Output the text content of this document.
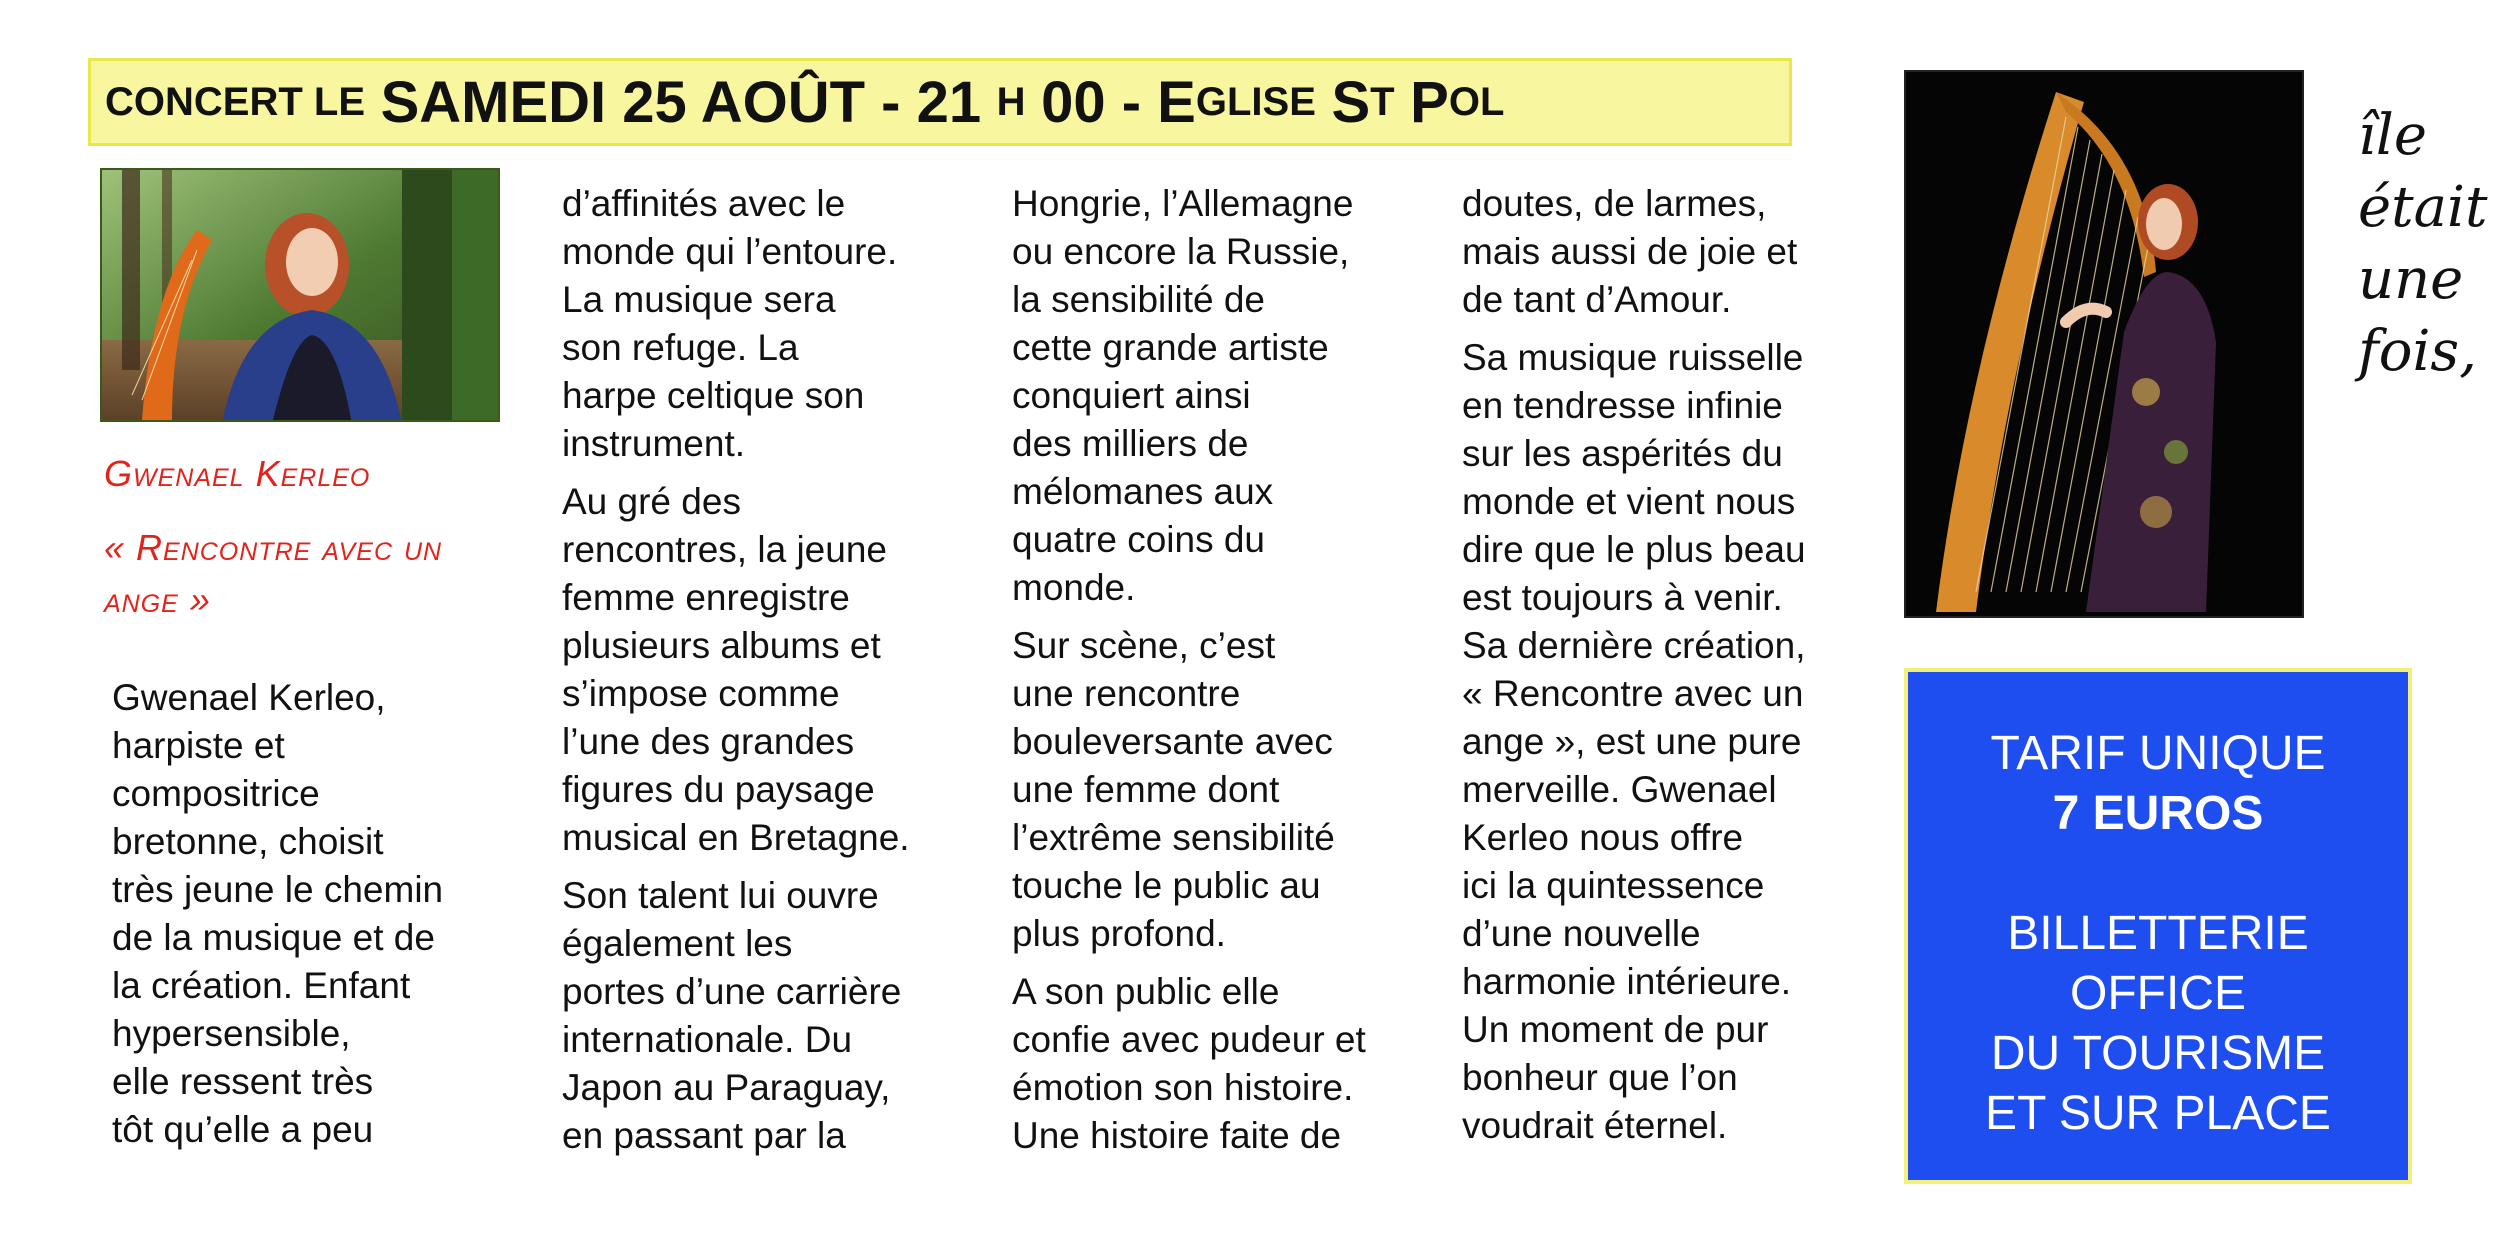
CONCERT LE
SAMEDI 25 AOÛT - 21
H
00 - E GLISE
S T
P OL
Gwenael Kerleo
« Rencontre avec un
ange »

Gwenael Kerleo,
harpiste et
compositrice
bretonne, choisit
très jeune le chemin
de la musique et de
la création. Enfant
hypersensible,
elle ressent très
tôt qu’elle a peu

d’affinités avec le
monde qui l’entoure.
La musique sera
son refuge. La
harpe celtique son
instrument.

Au gré des
rencontres, la jeune
femme enregistre
plusieurs albums et
s’impose comme
l’une des grandes
figures du paysage
musical en Bretagne.

Son talent lui ouvre
également les
portes d’une carrière
internationale. Du
Japon au Paraguay,
en passant par la

Hongrie, l’Allemagne
ou encore la Russie,
la sensibilité de
cette grande artiste
conquiert ainsi
des milliers de
mélomanes aux
quatre coins du
monde.

Sur scène, c’est
une rencontre
bouleversante avec
une femme dont
l’extrême sensibilité
touche le public au
plus profond.

A son public elle
confie avec pudeur et
émotion son histoire.
Une histoire faite de

doutes, de larmes,
mais aussi de joie et
de tant d’Amour.

Sa musique ruisselle
en tendresse infinie
sur les aspérités du
monde et vient nous
dire que le plus beau
est toujours à venir.
Sa dernière création,
« Rencontre avec un
ange », est une pure
merveille. Gwenael
Kerleo nous offre
ici la quintessence
d’une nouvelle
harmonie intérieure.
Un moment de pur
bonheur que l’on
voudrait éternel.

île
était
une
fois,
TARIF UNIQUE
7 EUROS
BILLETTERIE
OFFICE
DU TOURISME
ET SUR PLACE
